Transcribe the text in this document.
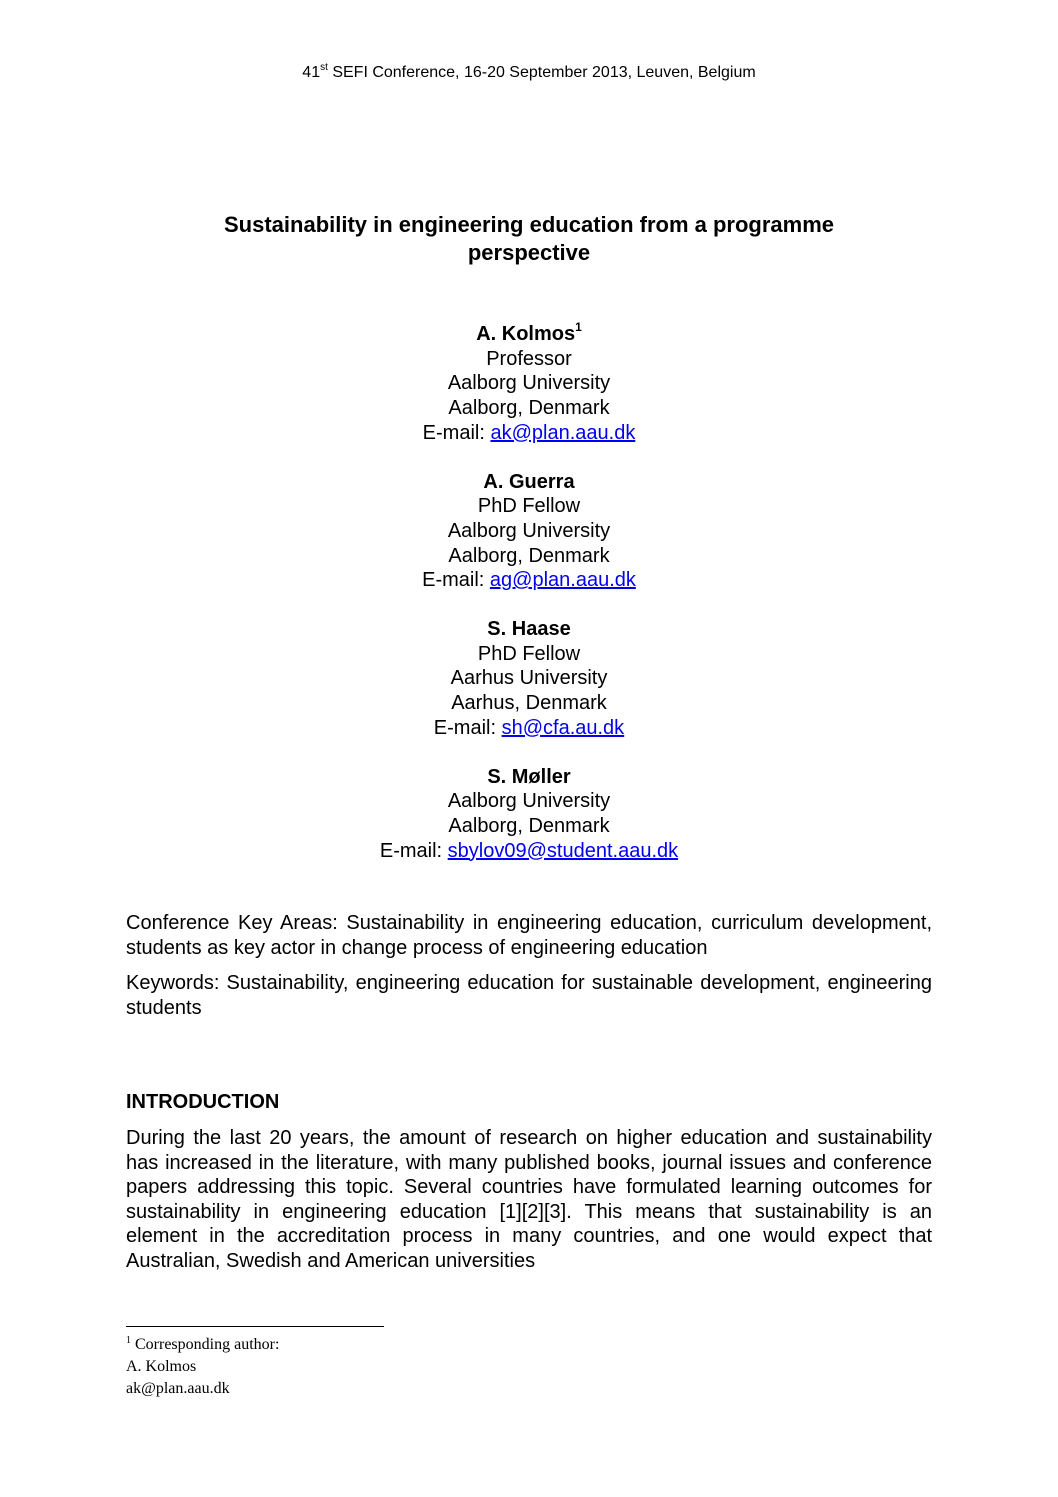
41st SEFI Conference, 16-20 September 2013, Leuven, Belgium
Sustainability in engineering education from a programme
perspective
A. Kolmos$^1$
Professor
Aalborg University
Aalborg, Denmark
E-mail: ak@plan.aau.dk
A. Guerra
PhD Fellow
Aalborg University
Aalborg, Denmark
E-mail: ag@plan.aau.dk
S. Haase
PhD Fellow
Aarhus University
Aarhus, Denmark
E-mail: sh@cfa.au.dk
S. Møller
Aalborg University
Aalborg, Denmark
E-mail: sbylov09@student.aau.dk

Conference Key Areas: Sustainability in engineering education, curriculum development, students as key actor in change process of engineering education

Keywords: Sustainability, engineering education for sustainable development, engineering students

INTRODUCTION

During the last 20 years, the amount of research on higher education and sustainability has increased in the literature, with many published books, journal issues and conference papers addressing this topic. Several countries have formulated learning outcomes for sustainability in engineering education [1][2][3]. This means that sustainability is an element in the accreditation process in many countries, and one would expect that Australian, Swedish and American universities

$^1$ Corresponding author:
A. Kolmos
ak@plan.aau.dk
